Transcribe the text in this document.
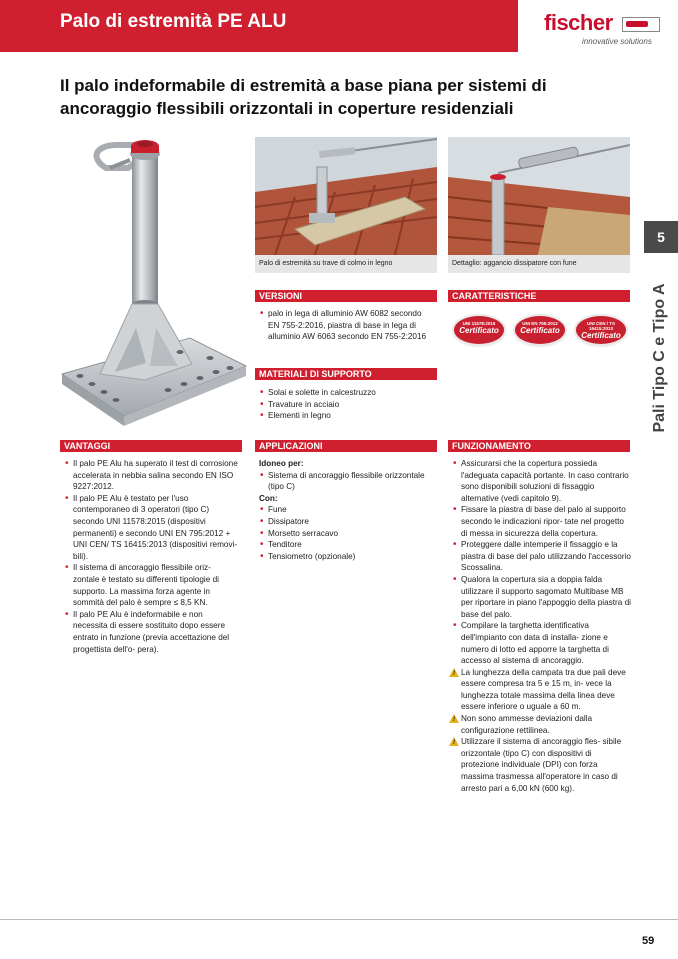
Palo di estremità PE ALU	fischer
innovative solutions
Il palo indeformabile di estremità a base piana per sistemi di ancoraggio flessibili orizzontali in coperture residenziali
5
Pali Tipo C e Tipo A
Palo di estremità su trave di colmo in legno	Dettaglio: aggancio dissipatore con fune
VERSIONI
• palo in lega di alluminio AW 6082 secondo EN 755-2:2016, piastra di base in lega di alluminio AW 6063 secondo EN 755-2:2016
CARATTERISTICHE
UNI 11578:2015
Certificato
UNI EN 795:2012
Certificato
UNI CEN / TS 16415:2013
Certificato
MATERIALI DI SUPPORTO
• Solai e solette in calcestruzzo
• Travature in acciaio
• Elementi in legno
VANTAGGI
• Il palo PE Alu ha superato il test di corrosione accelerata in nebbia salina secondo EN ISO 9227:2012.
• Il palo PE Alu è testato per l'uso contemporaneo di 3 operatori (tipo C) secondo UNI 11578:2015 (dispositivi permanenti) e secondo UNI EN 795:2012 + UNI CEN/ TS 16415:2013 (dispositivi removi- bili).
• Il sistema di ancoraggio flessibile oriz- zontale è testato su differenti tipologie di supporto. La massima forza agente in sommità del palo è sempre ≤ 8,5 KN.
• Il palo PE Alu è indeformabile e non necessita di essere sostituito dopo essere entrato in funzione (previa accettazione del progettista dell'o- pera).
APPLICAZIONI
Idoneo per:
• Sistema di ancoraggio flessibile orizzontale (tipo C)
Con:
• Fune
• Dissipatore
• Morsetto serracavo
• Tenditore
• Tensiometro (opzionale)
FUNZIONAMENTO
• Assicurarsi che la copertura possieda l'adeguata capacità portante. In caso contrario sono disponibili soluzioni di fissaggio alternative (vedi capitolo 9).
• Fissare la piastra di base del palo al supporto secondo le indicazioni ripor- tate nel progetto di messa in sicurezza della copertura.
• Proteggere dalle intemperie il fissaggio e la piastra di base del palo utilizzando l'accessorio Scossalina.
• Qualora la copertura sia a doppia falda utilizzare il supporto sagomato Multibase MB per riportare in piano l'appoggio della piastra di base del palo.
• Compilare la targhetta identificativa dell'impianto con data di installa- zione e numero di lotto ed apporre la targhetta di accesso al sistema di ancoraggio.
! La lunghezza della campata tra due pali deve essere compresa tra 5 e 15 m, in- vece la lunghezza totale massima della linea deve essere inferiore o uguale a 60 m.
! Non sono ammesse deviazioni dalla configurazione rettilinea.
! Utilizzare il sistema di ancoraggio fles- sibile orizzontale (tipo C) con dispositivi di protezione individuale (DPI) con forza massima trasmessa all'operatore in caso di arresto pari a 6,00 kN (600 kg).
59
